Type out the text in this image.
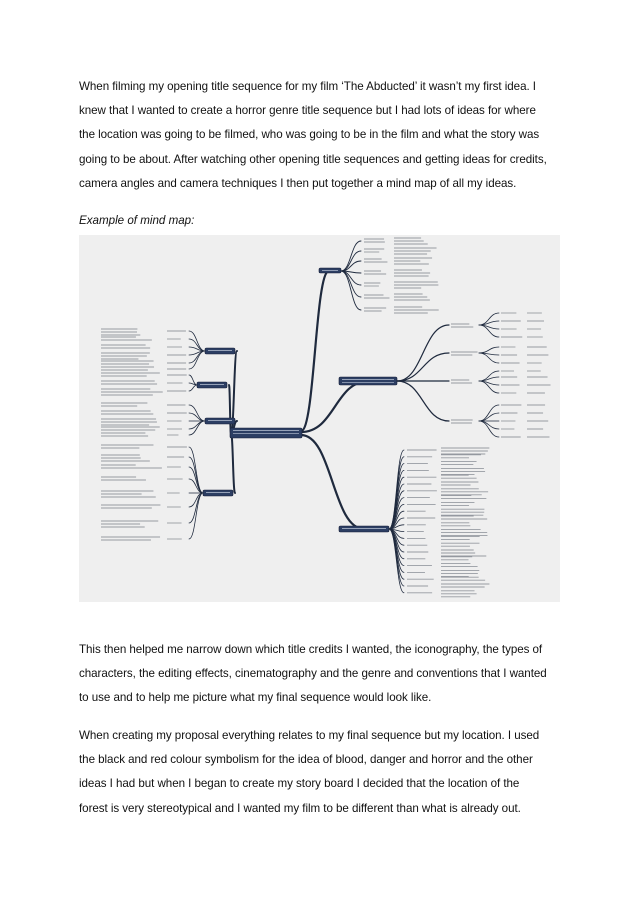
When filming my opening title sequence for my film ‘The Abducted’ it wasn’t my first idea. I
knew that I wanted to create a horror genre title sequence but I had lots of ideas for where
the location was going to be filmed, who was going to be in the film and what the story was
going to be about. After watching other opening title sequences and getting ideas for credits,
camera angles and camera techniques I then put together a mind map of all my ideas.

Example of mind map:

This then helped me narrow down which title credits I wanted, the iconography, the types of
characters, the editing effects, cinematography and the genre and conventions that I wanted
to use and to help me picture what my final sequence would look like.

When creating my proposal everything relates to my final sequence but my location. I used
the black and red colour symbolism for the idea of blood, danger and horror and the other
ideas I had but when I began to create my story board I decided that the location of the
forest is very stereotypical and I wanted my film to be different than what is already out.
